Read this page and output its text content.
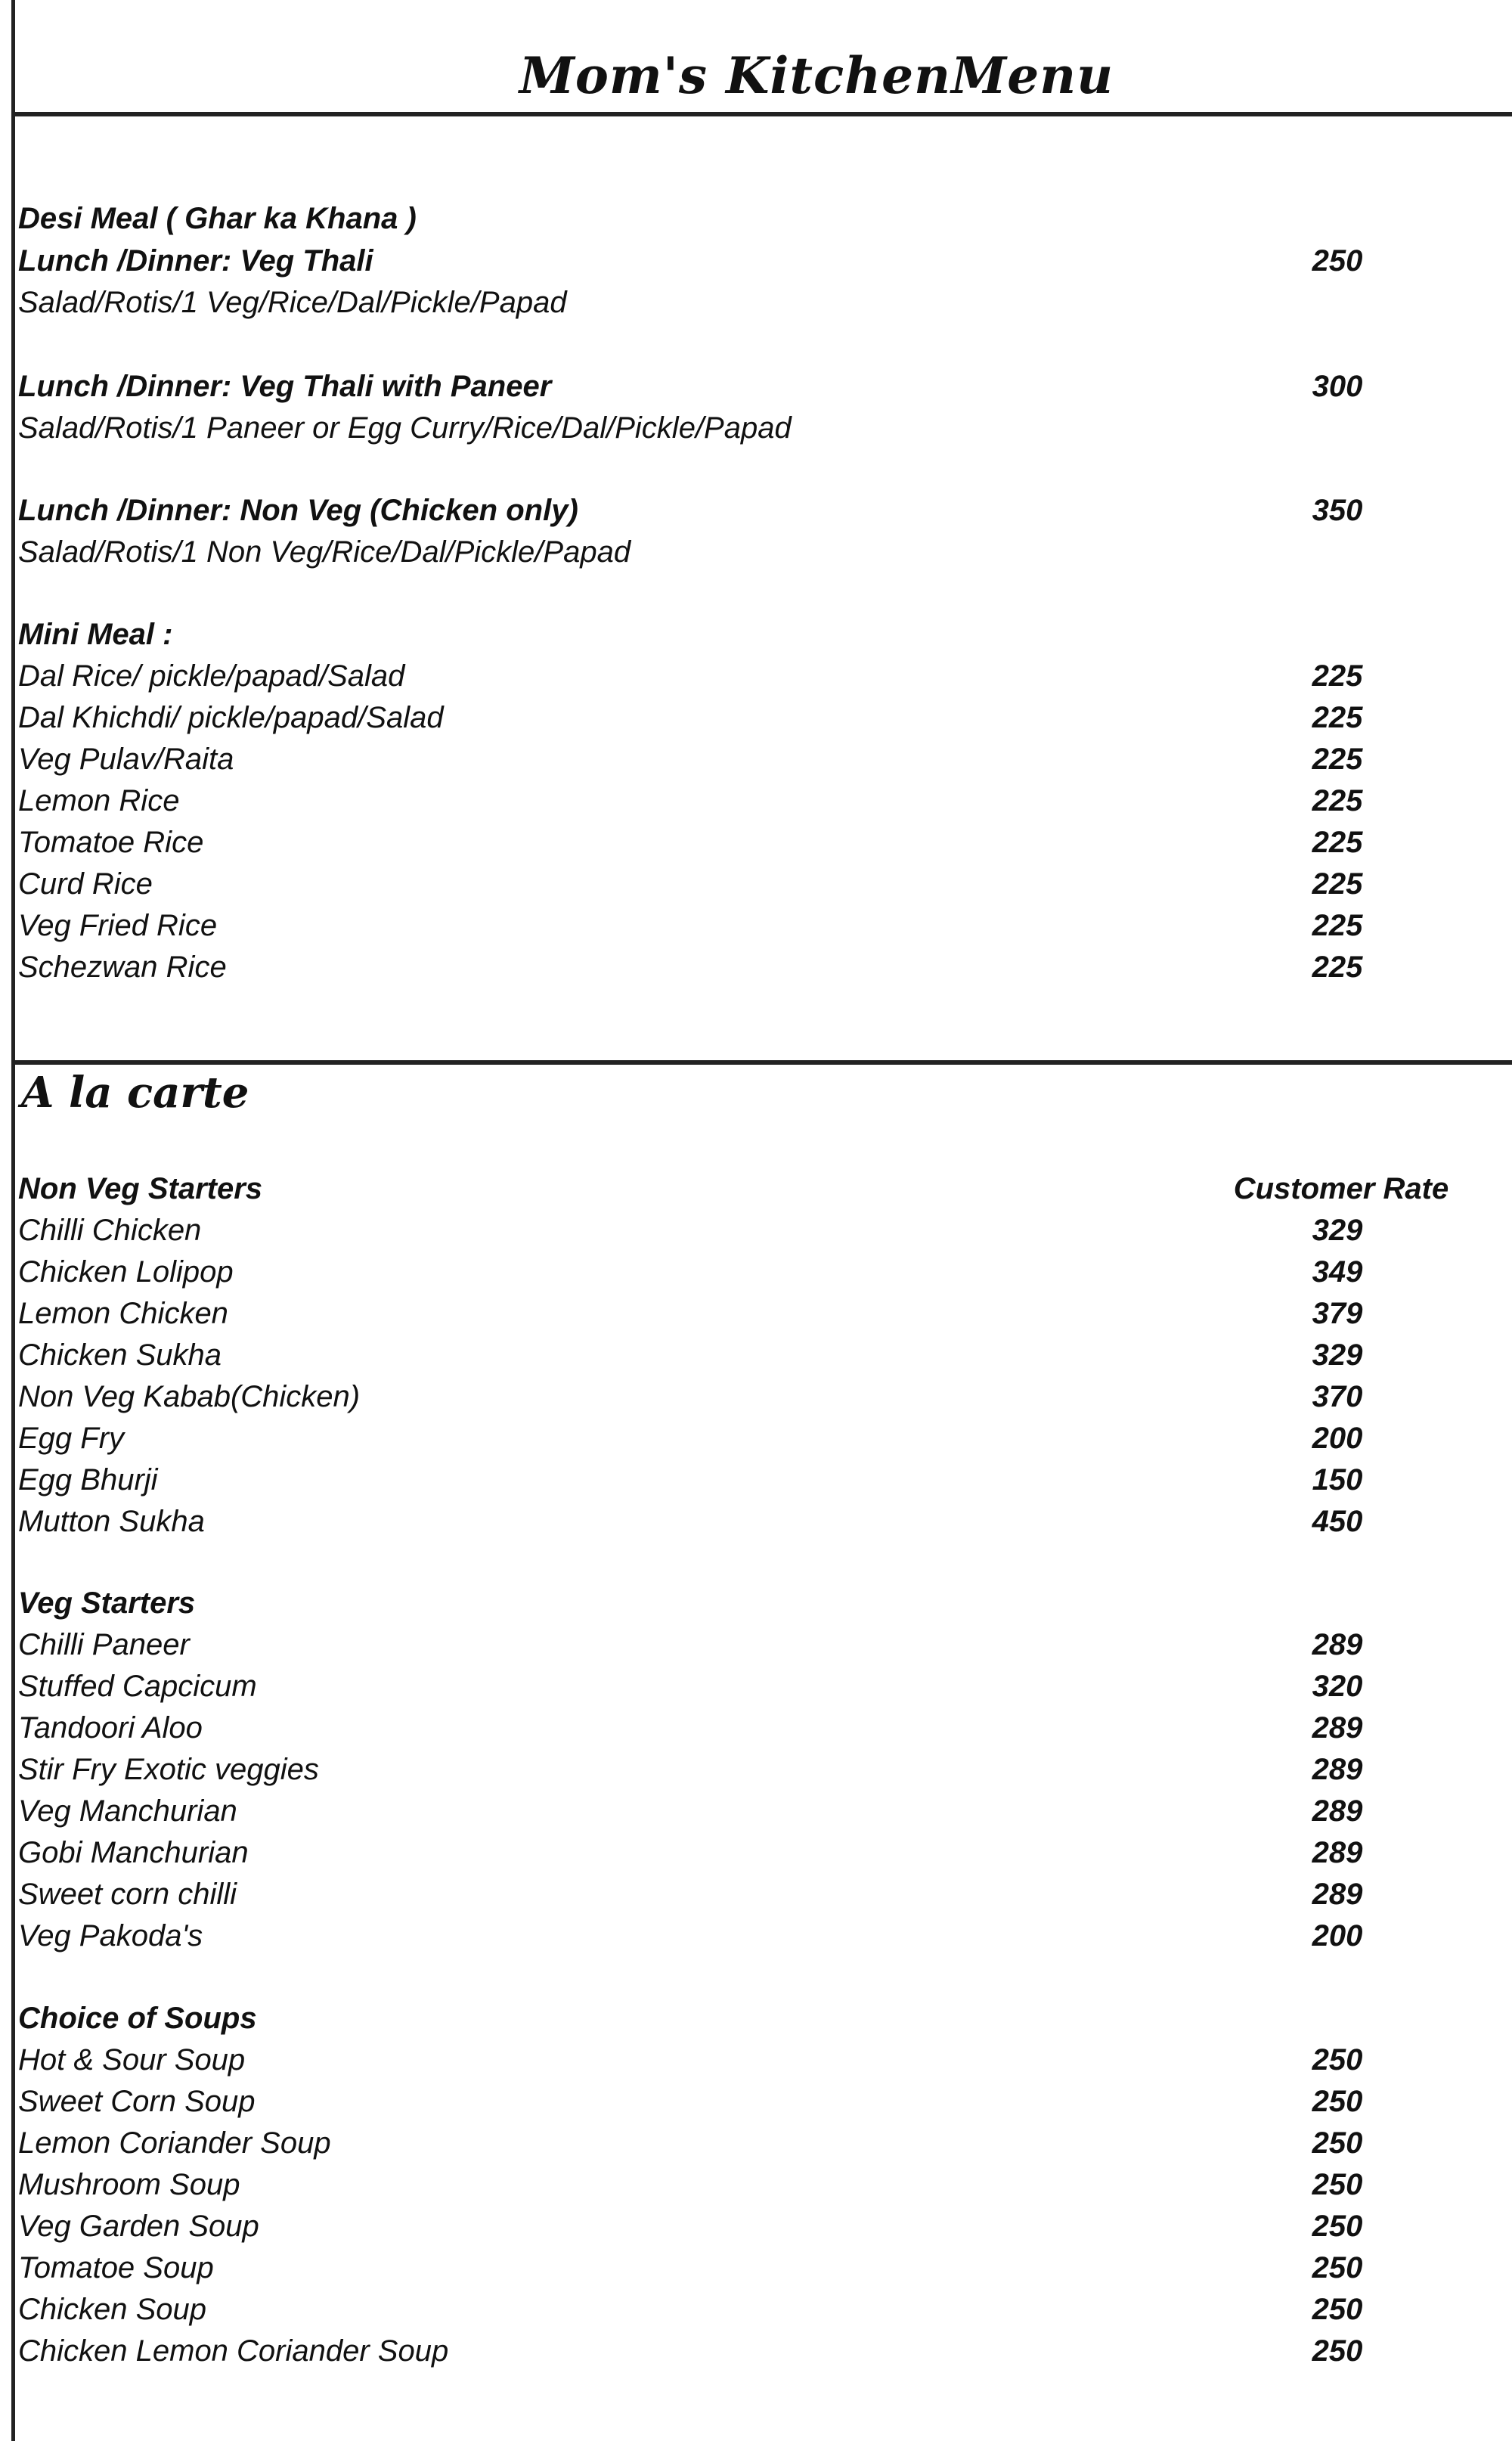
Mom's KitchenMenu
Desi Meal ( Ghar ka Khana )
Lunch /Dinner: Veg Thali	250
Salad/Rotis/1 Veg/Rice/Dal/Pickle/Papad
Lunch /Dinner: Veg Thali with Paneer	300
Salad/Rotis/1 Paneer or Egg Curry/Rice/Dal/Pickle/Papad
Lunch /Dinner: Non Veg (Chicken only)	350
Salad/Rotis/1 Non Veg/Rice/Dal/Pickle/Papad
Mini Meal :
Dal Rice/ pickle/papad/Salad	225
Dal Khichdi/ pickle/papad/Salad	225
Veg Pulav/Raita	225
Lemon Rice	225
Tomatoe Rice	225
Curd Rice	225
Veg Fried Rice	225
Schezwan Rice	225
A la carte
Non Veg Starters	Customer Rate
Chilli Chicken	329
Chicken Lolipop	349
Lemon Chicken	379
Chicken Sukha	329
Non Veg Kabab(Chicken)	370
Egg Fry	200
Egg Bhurji	150
Mutton Sukha	450
Veg Starters
Chilli Paneer	289
Stuffed Capcicum	320
Tandoori Aloo	289
Stir Fry Exotic veggies	289
Veg Manchurian	289
Gobi Manchurian	289
Sweet corn chilli	289
Veg Pakoda's	200
Choice of Soups
Hot & Sour Soup	250
Sweet Corn Soup	250
Lemon Coriander Soup	250
Mushroom Soup	250
Veg Garden Soup	250
Tomatoe Soup	250
Chicken Soup	250
Chicken Lemon Coriander Soup	250
